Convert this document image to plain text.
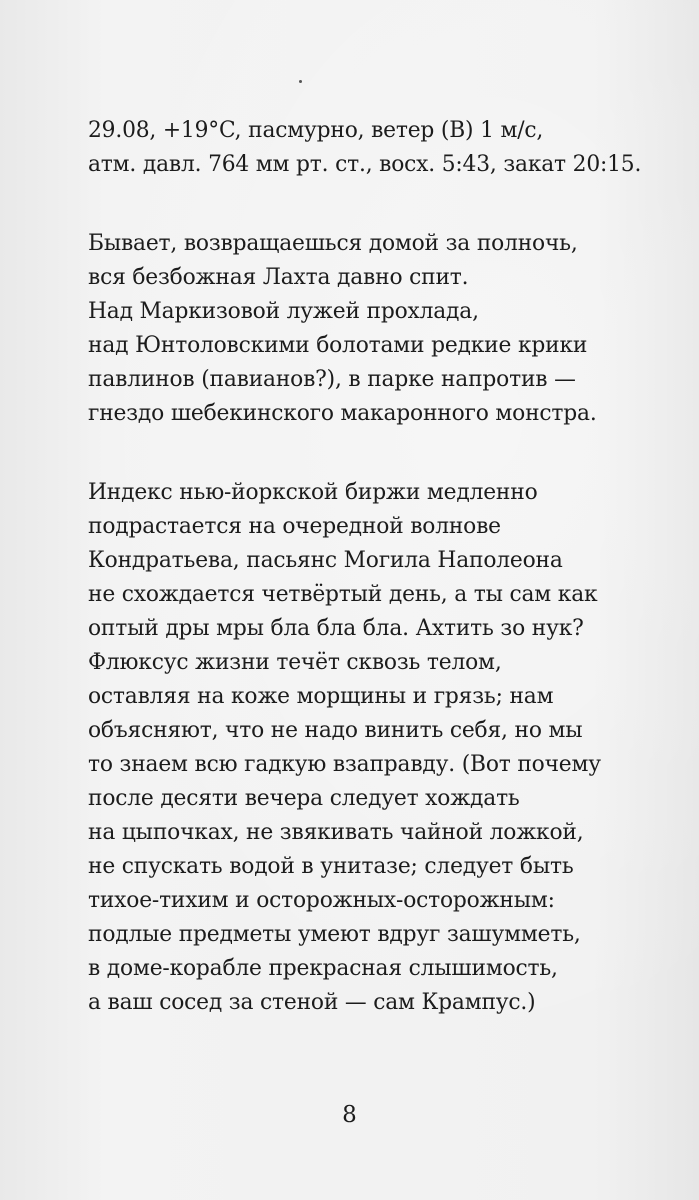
29.08, +19°C, пасмурно, ветер (В) 1 м/с,
атм. давл. 764 мм рт. ст., восх. 5:43, закат 20:15.

Бывает, возвращаешься домой за полночь,
вся безбожная Лахта давно спит.
Над Маркизовой лужей прохлада,
над Юнтоловскими болотами редкие крики
павлинов (павианов?), в парке напротив —
гнездо шебекинского макаронного монстра.

Индекс нью-йоркской биржи медленно
подрастается на очередной волнове
Кондратьева, пасьянс Могила Наполеона
не схождается четвёртый день, а ты сам как
оптый дры мры бла бла бла. Ахтить зо нук?
Флюксус жизни течёт сквозь телом,
оставляя на коже морщины и грязь; нам
объясняют, что не надо винить себя, но мы
то знаем всю гадкую взаправду. (Вот почему
после десяти вечера следует хождать
на цыпочках, не звякивать чайной ложкой,
не спускать водой в унитазе; следует быть
тихое-тихим и осторожных-осторожным:
подлые предметы умеют вдруг зашумметь,
в доме-корабле прекрасная слышимость,
а ваш сосед за стеной — сам Крампус.)

8
